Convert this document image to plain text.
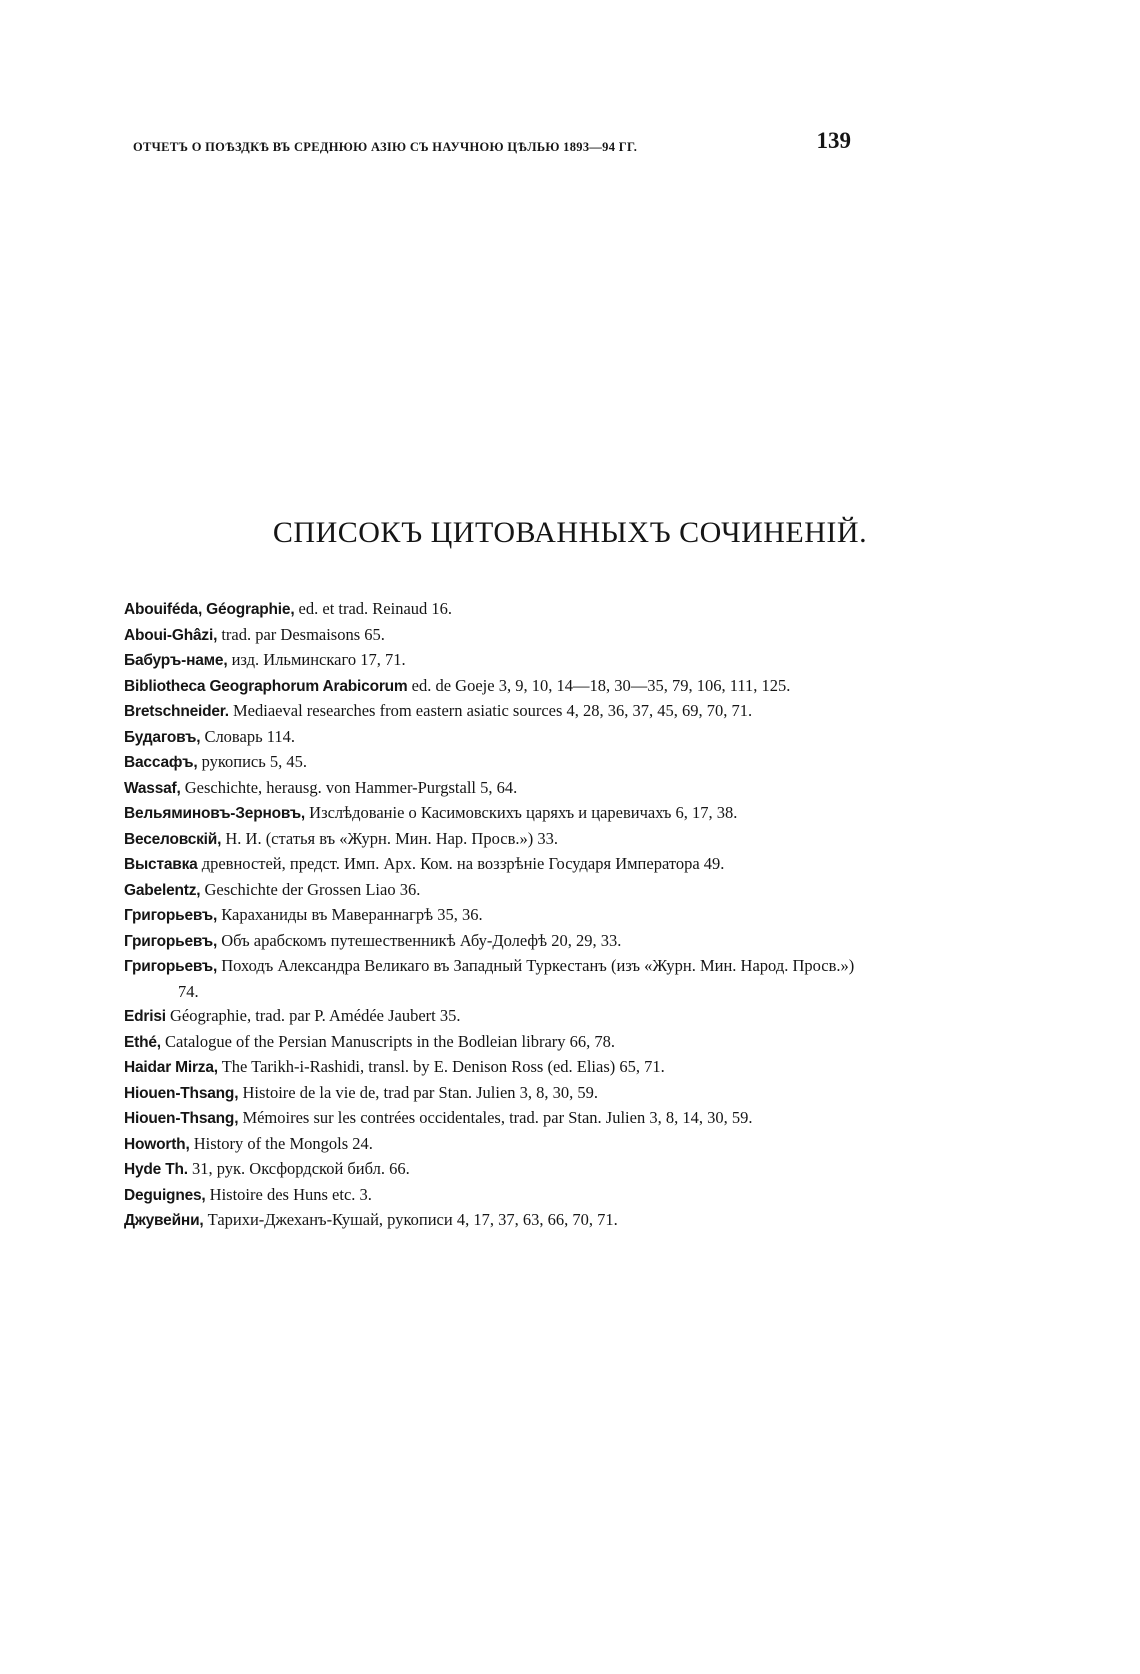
ОТЧЕТЪ О ПОѢЗДКѢ ВЪ СРЕДНЮЮ АЗІЮ СЪ НАУЧНОЮ ЦѢЛЬЮ 1893—94 ГГ.	139
СПИСОКЪ ЦИТОВАННЫХЪ СОЧИНЕНІЙ.
Abouiféda, Géographie, ed. et trad. Reinaud 16.
Aboui-Ghâzi, trad. par Desmaisons 65.
Бабуръ-наме, изд. Ильминскаго 17, 71.
Bibliotheca Geographorum Arabicorum ed. de Goeje 3, 9, 10, 14—18, 30—35, 79, 106, 111, 125.
Bretschneider. Mediaeval researches from eastern asiatic sources 4, 28, 36, 37, 45, 69, 70, 71.
Будаговъ, Словарь 114.
Вассафъ, рукопись 5, 45.
Wassaf, Geschichte, herausg. von Hammer-Purgstall 5, 64.
Вельяминовъ-Зерновъ, Изслѣдованіе о Касимовскихъ царяхъ и царевичахъ 6, 17, 38.
Веселовскій, Н. И. (статья въ «Журн. Мин. Нар. Просв.») 33.
Выставка древностей, предст. Имп. Арх. Ком. на воззрѣніе Государя Императора 49.
Gabelentz, Geschichte der Grossen Liao 36.
Григорьевъ, Караханиды въ Мавераннагрѣ 35, 36.
Григорьевъ, Объ арабскомъ путешественникѣ Абу-Долефѣ 20, 29, 33.
Григорьевъ, Походъ Александра Великаго въ Западный Туркестанъ (изъ «Журн. Мин. Народ. Просв.») 74.
Edrisi Géographie, trad. par P. Amédée Jaubert 35.
Ethé, Catalogue of the Persian Manuscripts in the Bodleian library 66, 78.
Haidar Mirza, The Tarikh-i-Rashidi, transl. by E. Denison Ross (ed. Elias) 65, 71.
Hiouen-Thsang, Histoire de la vie de, trad par Stan. Julien 3, 8, 30, 59.
Hiouen-Thsang, Mémoires sur les contrées occidentales, trad. par Stan. Julien 3, 8, 14, 30, 59.
Howorth, History of the Mongols 24.
Hyde Th. 31, рук. Оксфордской библ. 66.
Deguignes, Histoire des Huns etc. 3.
Джувейни, Тарихи-Джеханъ-Кушай, рукописи 4, 17, 37, 63, 66, 70, 71.
